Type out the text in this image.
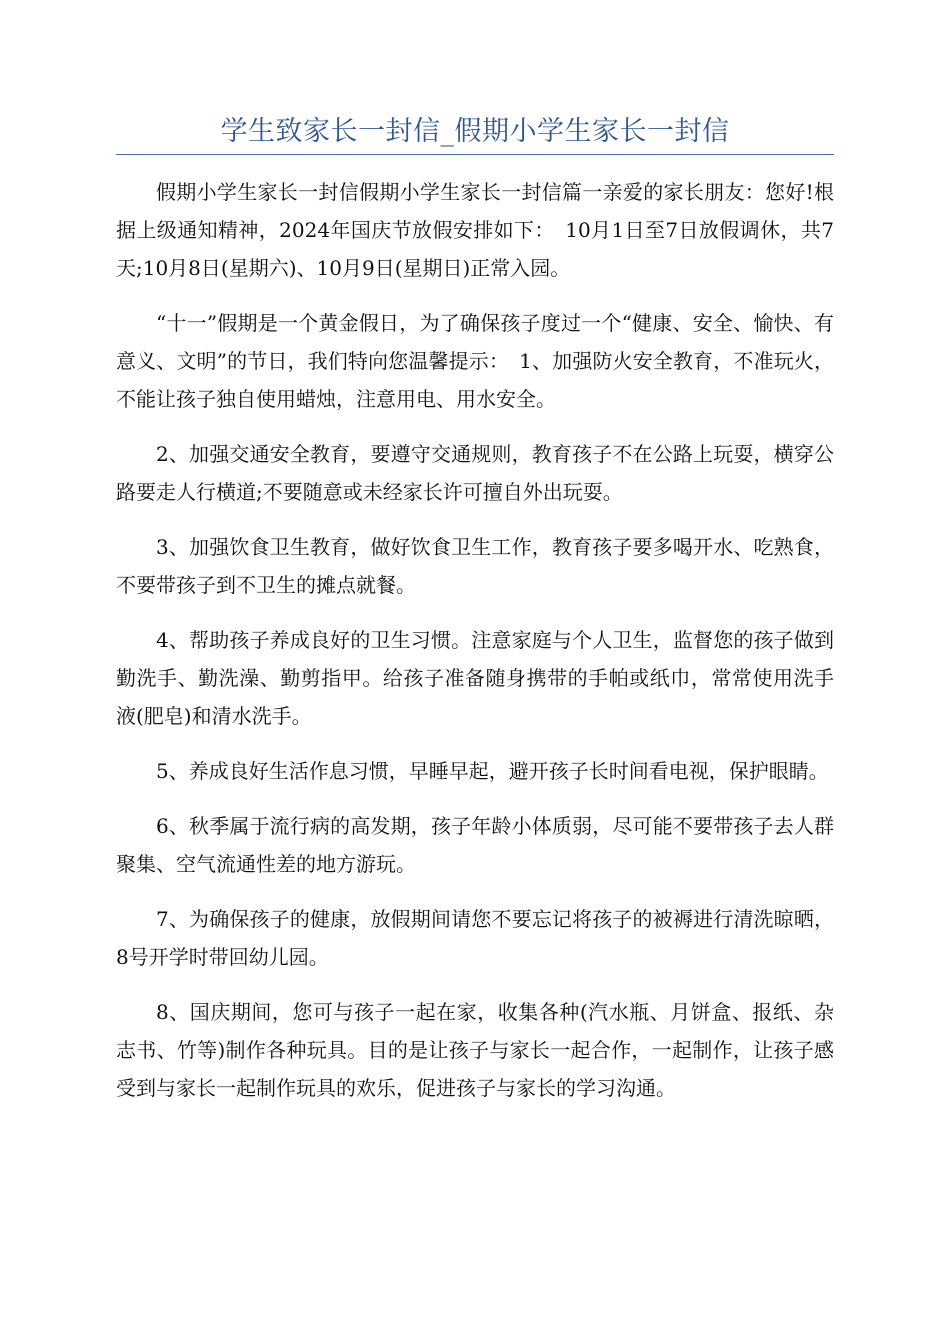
学生致家长一封信_假期小学生家长一封信

假期小学生家长一封信假期小学生家长一封信篇一亲爱的家长朋友：您好!根据上级通知精神，2024年国庆节放假安排如下：　10月1日至7日放假调休，共7天;10月8日(星期六)、10月9日(星期日)正常入园。

“十一”假期是一个黄金假日，为了确保孩子度过一个“健康、安全、愉快、有意义、文明”的节日，我们特向您温馨提示：　1、加强防火安全教育，不准玩火，不能让孩子独自使用蜡烛，注意用电、用水安全。

2、加强交通安全教育，要遵守交通规则，教育孩子不在公路上玩耍，横穿公路要走人行横道;不要随意或未经家长许可擅自外出玩耍。

3、加强饮食卫生教育，做好饮食卫生工作，教育孩子要多喝开水、吃熟食，不要带孩子到不卫生的摊点就餐。

4、帮助孩子养成良好的卫生习惯。注意家庭与个人卫生，监督您的孩子做到勤洗手、勤洗澡、勤剪指甲。给孩子准备随身携带的手帕或纸巾，常常使用洗手液(肥皂)和清水洗手。

5、养成良好生活作息习惯，早睡早起，避开孩子长时间看电视，保护眼睛。

6、秋季属于流行病的高发期，孩子年龄小体质弱，尽可能不要带孩子去人群聚集、空气流通性差的地方游玩。

7、为确保孩子的健康，放假期间请您不要忘记将孩子的被褥进行清洗晾晒，8号开学时带回幼儿园。

8、国庆期间，您可与孩子一起在家，收集各种(汽水瓶、月饼盒、报纸、杂志书、竹等)制作各种玩具。目的是让孩子与家长一起合作，一起制作，让孩子感受到与家长一起制作玩具的欢乐，促进孩子与家长的学习沟通。
